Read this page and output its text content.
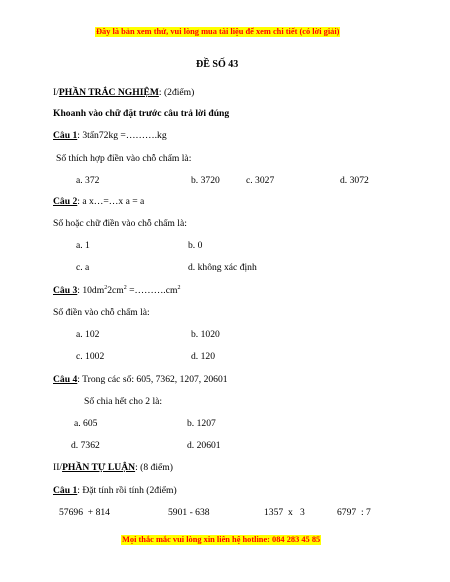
Đây là bản xem thử, vui lòng mua tài liệu để xem chi tiết (có lời giải)
ĐỀ SỐ 43
I/PHẦN TRẮC NGHIỆM: (2điểm)
Khoanh vào chữ đặt trước câu trả lời đúng
Câu 1: 3tấn72kg =……….kg
Số thích hợp điền vào chỗ chấm là:
a. 372	b. 3720	c. 3027	d. 3072
Câu 2: a x…=…x a = a
Số hoặc chữ điền vào chỗ chấm là:
a. 1	b. 0
c. a	d. không xác định
Câu 3: $10dm^22cm^2$ $=\dots\dots\dots.cm^2$
Số điền vào chỗ chấm là:
a. 102	b. 1020
c. 1002	d. 120
Câu 4: Trong các số: 605, 7362, 1207, 20601
Số chia hết cho 2 là:
a. 605	b. 1207
d. 7362	d. 20601
II/PHẦN TỰ LUẬN: (8 điểm)
Câu 1: Đặt tính rồi tính (2điểm)
57696  + 814	5901 - 638	1357  x   3	6797  : 7
Mọi thắc mắc vui lòng xin liên hệ hotline: 084 283 45 85
